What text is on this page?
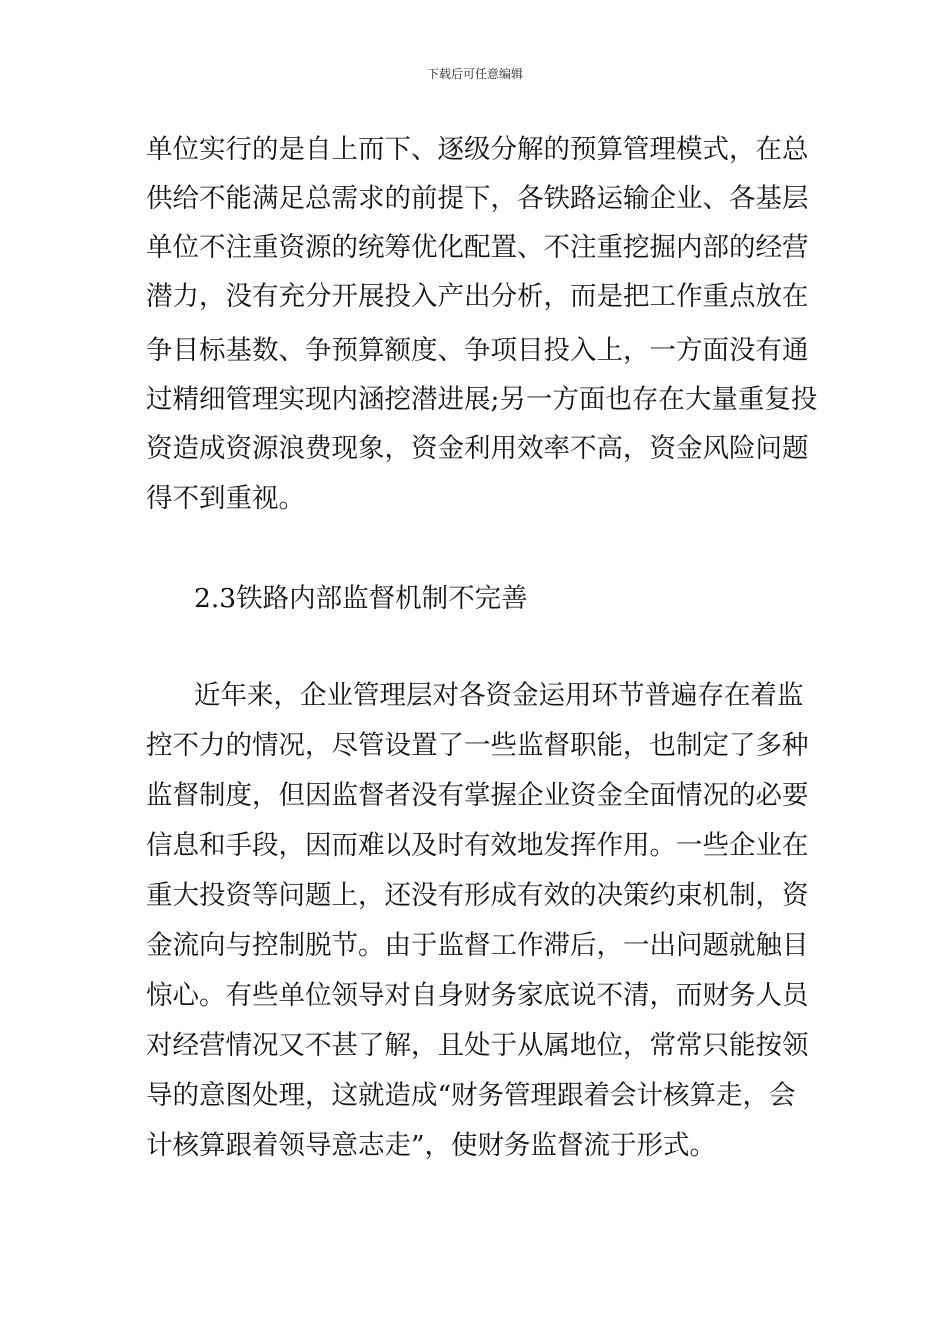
下载后可任意编辑
单位实行的是自上而下、逐级分解的预算管理模式，在总
供给不能满足总需求的前提下，各铁路运输企业、各基层
单位不注重资源的统筹优化配置、不注重挖掘内部的经营
潜力，没有充分开展投入产出分析，而是把工作重点放在
争目标基数、争预算额度、争项目投入上，一方面没有通
过精细管理实现内涵挖潜进展;另一方面也存在大量重复投
资造成资源浪费现象，资金利用效率不高，资金风险问题
得不到重视。
2.3铁路内部监督机制不完善
近年来，企业管理层对各资金运用环节普遍存在着监
控不力的情况，尽管设置了一些监督职能，也制定了多种
监督制度，但因监督者没有掌握企业资金全面情况的必要
信息和手段，因而难以及时有效地发挥作用。一些企业在
重大投资等问题上，还没有形成有效的决策约束机制，资
金流向与控制脱节。由于监督工作滞后，一出问题就触目
惊心。有些单位领导对自身财务家底说不清，而财务人员
对经营情况又不甚了解，且处于从属地位，常常只能按领
导的意图处理，这就造成“财务管理跟着会计核算走，会
计核算跟着领导意志走”，使财务监督流于形式。
